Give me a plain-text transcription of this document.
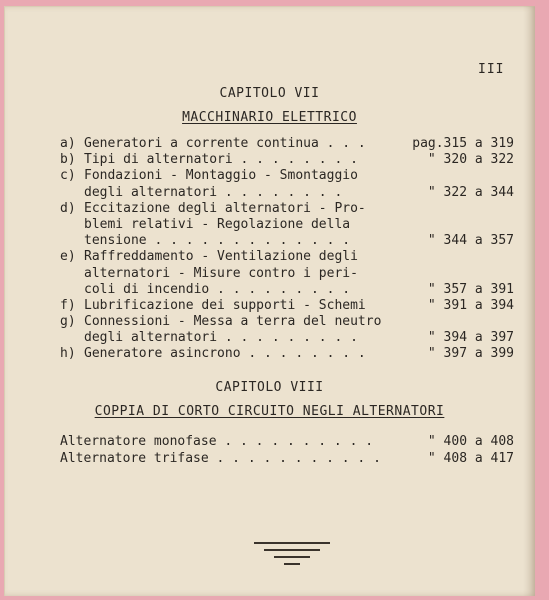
III
CAPITOLO VII
MACCHINARIO ELETTRICO
a) Generatori a corrente continua . . .	pag.315 a 319
b) Tipi di alternatori . . . . . . . .	" 320 a 322
c) Fondazioni - Montaggio - Smontaggio
degli alternatori . . . . . . . .	" 322 a 344
d) Eccitazione degli alternatori - Pro-
blemi relativi - Regolazione della
tensione . . . . . . . . . . . . .	" 344 a 357
e) Raffreddamento - Ventilazione degli
alternatori - Misure contro i peri-
coli di incendio . . . . . . . . .	" 357 a 391
f) Lubrificazione dei supporti - Schemi	" 391 a 394
g) Connessioni - Messa a terra del neutro
degli alternatori . . . . . . . . .	" 394 a 397
h) Generatore asincrono . . . . . . . .	" 397 a 399
CAPITOLO VIII
COPPIA DI CORTO CIRCUITO NEGLI ALTERNATORI
Alternatore monofase . . . . . . . . . .	" 400 a 408
Alternatore trifase . . . . . . . . . . .	" 408 a 417
